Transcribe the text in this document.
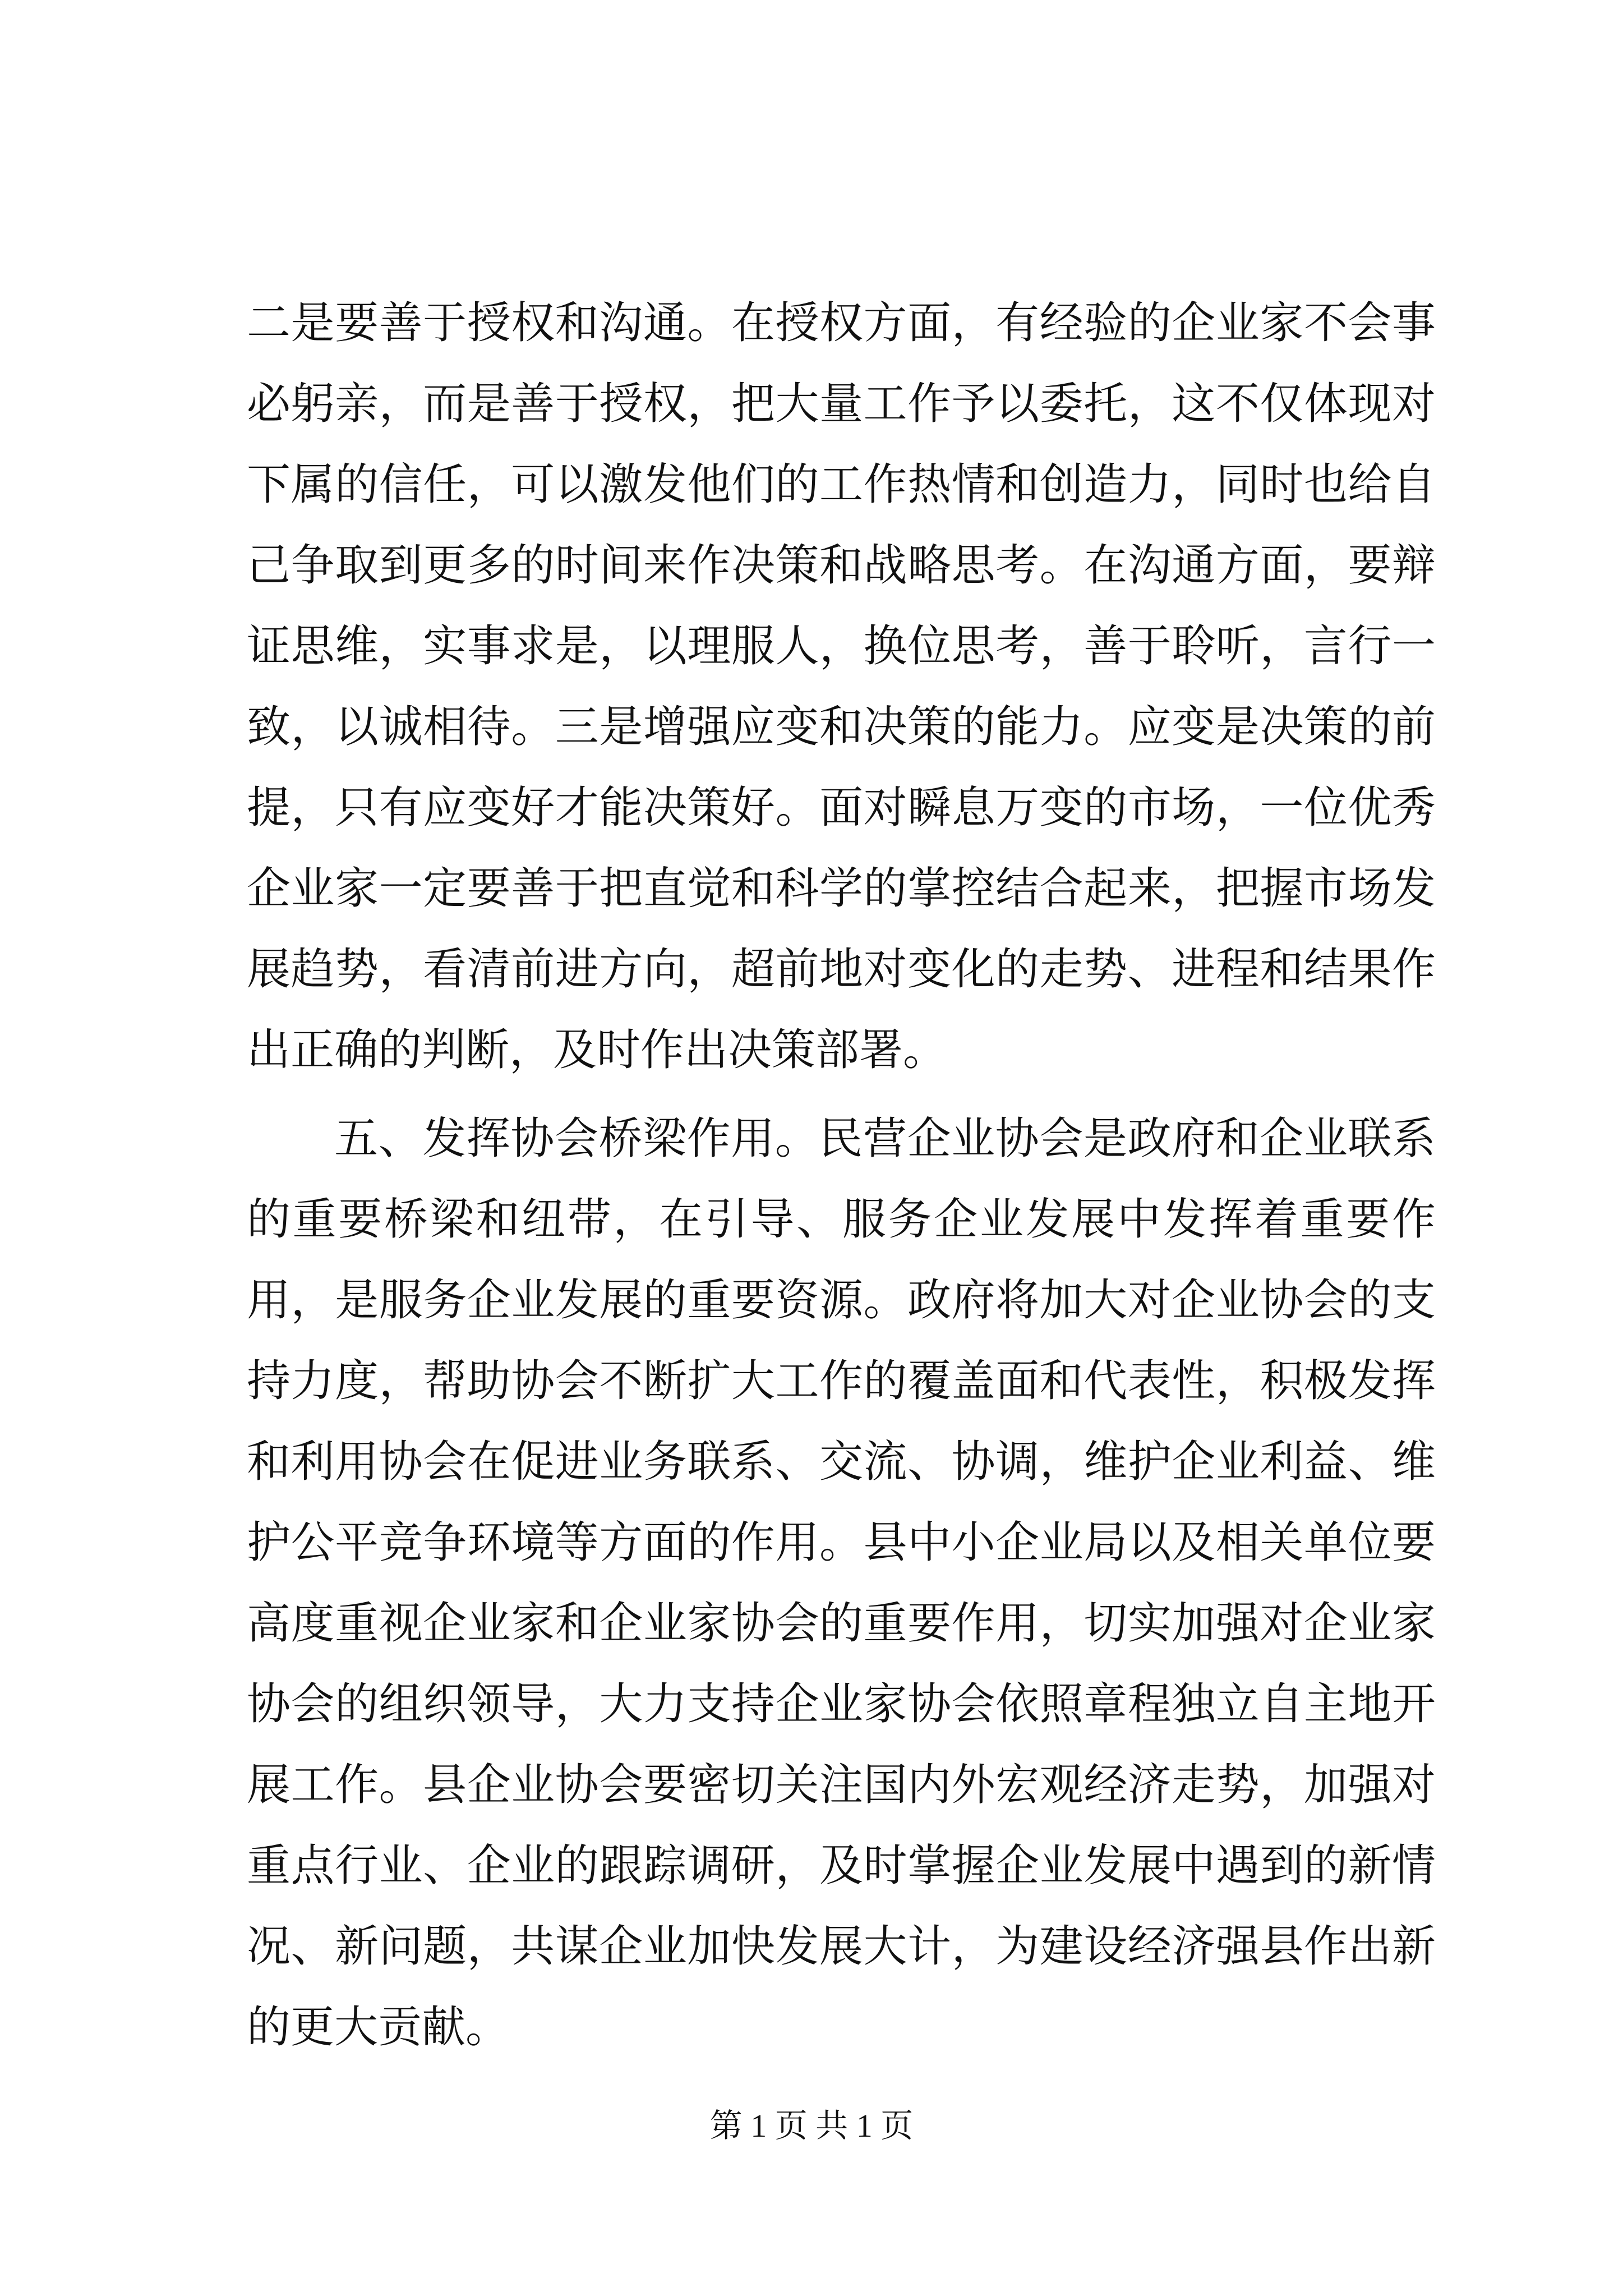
二是要善于授权和沟通。在授权方面，有经验的企业家不会事必躬亲，而是善于授权，把大量工作予以委托，这不仅体现对下属的信任，可以激发他们的工作热情和创造力，同时也给自己争取到更多的时间来作决策和战略思考。在沟通方面，要辩证思维，实事求是，以理服人，换位思考，善于聆听，言行一致，以诚相待。三是增强应变和决策的能力。应变是决策的前提，只有应变好才能决策好。面对瞬息万变的市场，一位优秀企业家一定要善于把直觉和科学的掌控结合起来，把握市场发展趋势，看清前进方向，超前地对变化的走势、进程和结果作出正确的判断，及时作出决策部署。

五、发挥协会桥梁作用。民营企业协会是政府和企业联系的重要桥梁和纽带，在引导、服务企业发展中发挥着重要作用，是服务企业发展的重要资源。政府将加大对企业协会的支持力度，帮助协会不断扩大工作的覆盖面和代表性，积极发挥和利用协会在促进业务联系、交流、协调，维护企业利益、维护公平竞争环境等方面的作用。县中小企业局以及相关单位要高度重视企业家和企业家协会的重要作用，切实加强对企业家协会的组织领导，大力支持企业家协会依照章程独立自主地开展工作。县企业协会要密切关注国内外宏观经济走势，加强对重点行业、企业的跟踪调研，及时掌握企业发展中遇到的新情况、新问题，共谋企业加快发展大计，为建设经济强县作出新的更大贡献。

第 1 页 共 1 页
